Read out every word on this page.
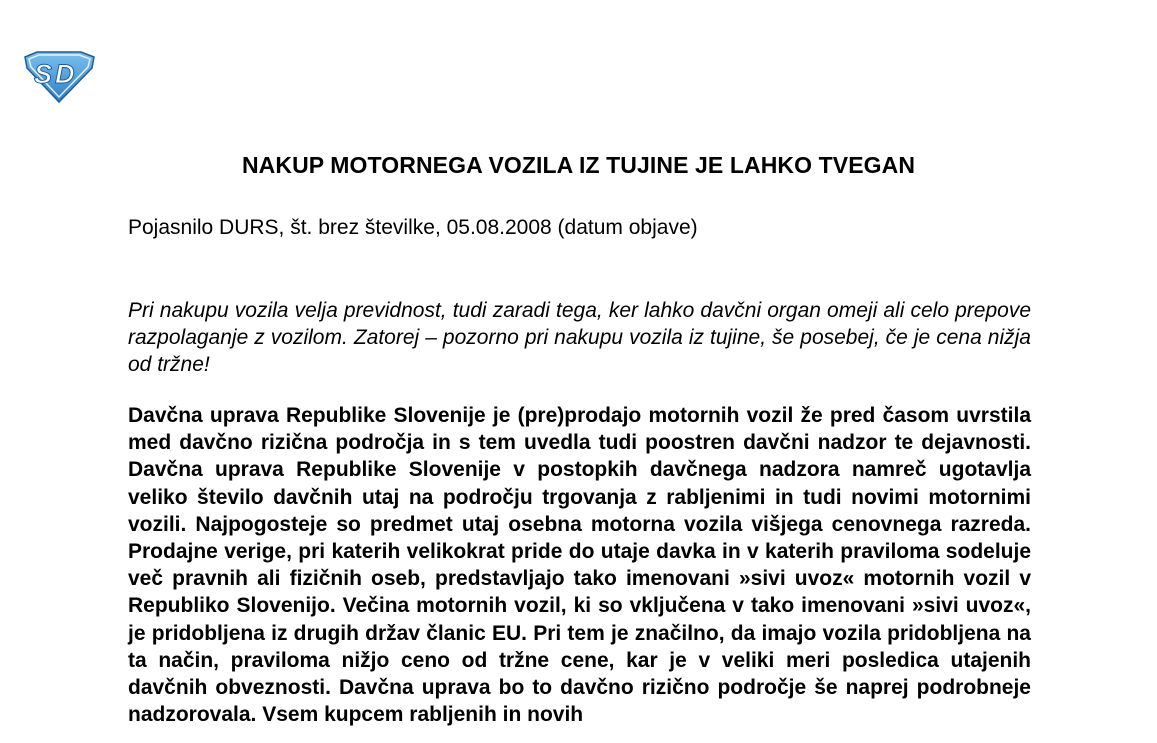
S D
NAKUP MOTORNEGA VOZILA IZ TUJINE JE LAHKO TVEGAN
Pojasnilo DURS, št. brez številke, 05.08.2008 (datum objave)

Pri nakupu vozila velja previdnost, tudi zaradi tega, ker lahko davčni organ omeji ali celo prepove razpolaganje z vozilom. Zatorej – pozorno pri nakupu vozila iz tujine, še posebej, če je cena nižja od tržne!

Davčna uprava Republike Slovenije je (pre)prodajo motornih vozil že pred časom uvrstila med davčno rizična področja in s tem uvedla tudi poostren davčni nadzor te dejavnosti. Davčna uprava Republike Slovenije v postopkih davčnega nadzora namreč ugotavlja veliko število davčnih utaj na področju trgovanja z rabljenimi in tudi novimi motornimi vozili. Najpogosteje so predmet utaj osebna motorna vozila višjega cenovnega razreda. Prodajne verige, pri katerih velikokrat pride do utaje davka in v katerih praviloma sodeluje več pravnih ali fizičnih oseb, predstavljajo tako imenovani »sivi uvoz« motornih vozil v Republiko Slovenijo. Večina motornih vozil, ki so vključena v tako imenovani »sivi uvoz«, je pridobljena iz drugih držav članic EU. Pri tem je značilno, da imajo vozila pridobljena na ta način, praviloma nižjo ceno od tržne cene, kar je v veliki meri posledica utajenih davčnih obveznosti. Davčna uprava bo to davčno rizično področje še naprej podrobneje nadzorovala. Vsem kupcem rabljenih in novih
